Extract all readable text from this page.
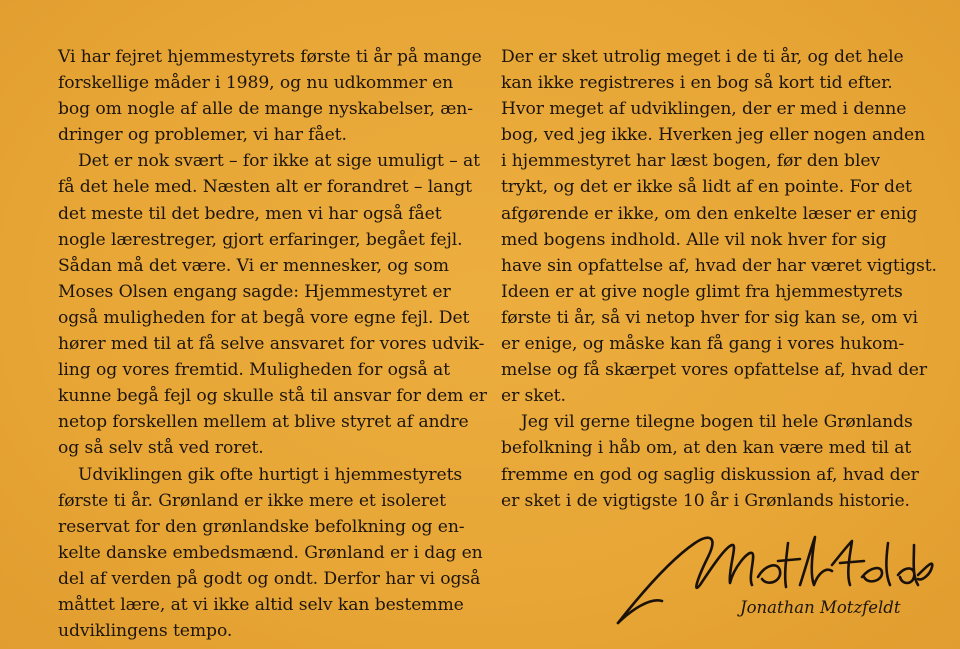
Vi har fejret hjemmestyrets første ti år på mange
forskellige måder i 1989, og nu udkommer en
bog om nogle af alle de mange nyskabelser, æn-
dringer og problemer, vi har fået.
Det er nok svært – for ikke at sige umuligt – at
få det hele med. Næsten alt er forandret – langt
det meste til det bedre, men vi har også fået
nogle lærestreger, gjort erfaringer, begået fejl.
Sådan må det være. Vi er mennesker, og som
Moses Olsen engang sagde: Hjemmestyret er
også muligheden for at begå vore egne fejl. Det
hører med til at få selve ansvaret for vores udvik-
ling og vores fremtid. Muligheden for også at
kunne begå fejl og skulle stå til ansvar for dem er
netop forskellen mellem at blive styret af andre
og så selv stå ved roret.
Udviklingen gik ofte hurtigt i hjemmestyrets
første ti år. Grønland er ikke mere et isoleret
reservat for den grønlandske befolkning og en-
kelte danske embedsmænd. Grønland er i dag en
del af verden på godt og ondt. Derfor har vi også
måttet lære, at vi ikke altid selv kan bestemme
udviklingens tempo.
Der er sket utrolig meget i de ti år, og det hele
kan ikke registreres i en bog så kort tid efter.
Hvor meget af udviklingen, der er med i denne
bog, ved jeg ikke. Hverken jeg eller nogen anden
i hjemmestyret har læst bogen, før den blev
trykt, og det er ikke så lidt af en pointe. For det
afgørende er ikke, om den enkelte læser er enig
med bogens indhold. Alle vil nok hver for sig
have sin opfattelse af, hvad der har været vigtigst.
Ideen er at give nogle glimt fra hjemmestyrets
første ti år, så vi netop hver for sig kan se, om vi
er enige, og måske kan få gang i vores hukom-
melse og få skærpet vores opfattelse af, hvad der
er sket.
Jeg vil gerne tilegne bogen til hele Grønlands
befolkning i håb om, at den kan være med til at
fremme en god og saglig diskussion af, hvad der
er sket i de vigtigste 10 år i Grønlands historie.
Jonathan Motzfeldt
